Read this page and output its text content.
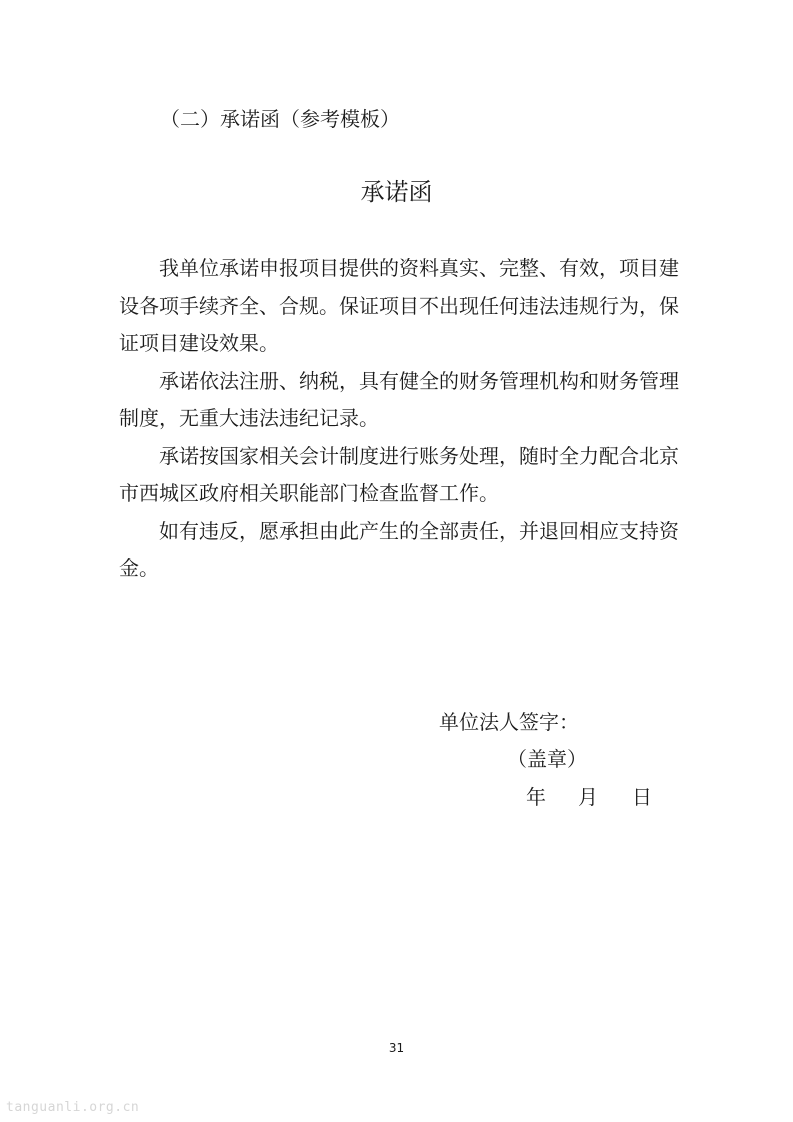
（二）承诺函（参考模板）
承诺函

我单位承诺申报项目提供的资料真实、完整、有效，项目建设各项手续齐全、合规。保证项目不出现任何违法违规行为，保证项目建设效果。

承诺依法注册、纳税，具有健全的财务管理机构和财务管理制度，无重大违法违纪记录。

承诺按国家相关会计制度进行账务处理，随时全力配合北京市西城区政府相关职能部门检查监督工作。

如有违反，愿承担由此产生的全部责任，并退回相应支持资金。

单位法人签字：
（盖章）
年 月 日
31
tanguanli.org.cn
